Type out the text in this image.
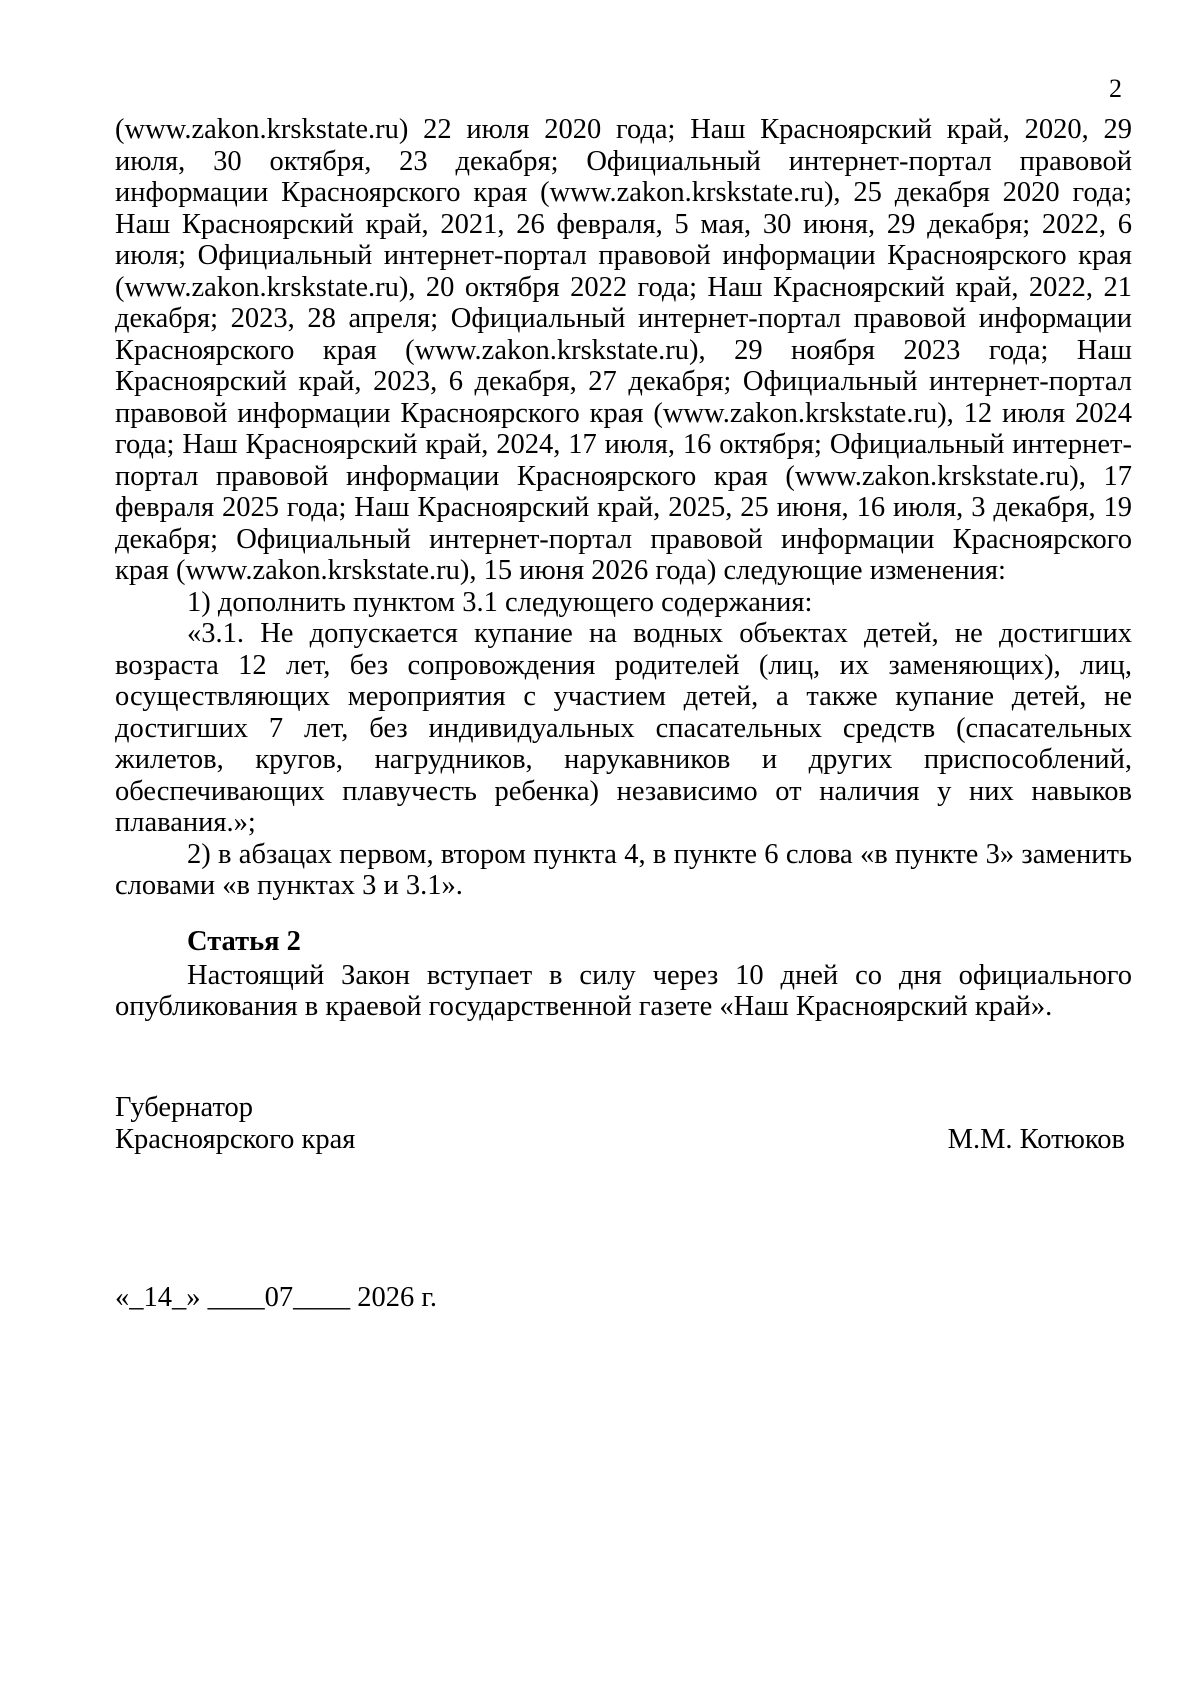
2

(www.zakon.krskstate.ru) 22 июля 2020 года; Наш Красноярский край, 2020, 29 июля, 30 октября, 23 декабря; Официальный интернет-портал правовой информации Красноярского края (www.zakon.krskstate.ru), 25 декабря 2020 года; Наш Красноярский край, 2021, 26 февраля, 5 мая, 30 июня, 29 декабря; 2022, 6 июля; Официальный интернет-портал правовой информации Красноярского края (www.zakon.krskstate.ru), 20 октября 2022 года; Наш Красноярский край, 2022, 21 декабря; 2023, 28 апреля; Официальный интернет-портал правовой информации Красноярского края (www.zakon.krskstate.ru), 29 ноября 2023 года; Наш Красноярский край, 2023, 6 декабря, 27 декабря; Официальный интернет-портал правовой информации Красноярского края (www.zakon.krskstate.ru), 12 июля 2024 года; Наш Красноярский край, 2024, 17 июля, 16 октября; Официальный интернет-портал правовой информации Красноярского края (www.zakon.krskstate.ru), 17 февраля 2025 года; Наш Красноярский край, 2025, 25 июня, 16 июля, 3 декабря, 19 декабря; Официальный интернет-портал правовой информации Красноярского края (www.zakon.krskstate.ru), 15 июня 2026 года) следующие изменения:

1) дополнить пунктом 3.1 следующего содержания:

«3.1. Не допускается купание на водных объектах детей, не достигших возраста 12 лет, без сопровождения родителей (лиц, их заменяющих), лиц, осуществляющих мероприятия с участием детей, а также купание детей, не достигших 7 лет, без индивидуальных спасательных средств (спасательных жилетов, кругов, нагрудников, нарукавников и других приспособлений, обеспечивающих плавучесть ребенка) независимо от наличия у них навыков плавания.»;

2) в абзацах первом, втором пункта 4, в пункте 6 слова «в пункте 3» заменить словами «в пунктах 3 и 3.1».

Статья 2

Настоящий Закон вступает в силу через 10 дней со дня официального опубликования в краевой государственной газете «Наш Красноярский край».

Губернатор
Красноярского края	М.М. Котюков
«_14_» ____07____ 2026 г.
